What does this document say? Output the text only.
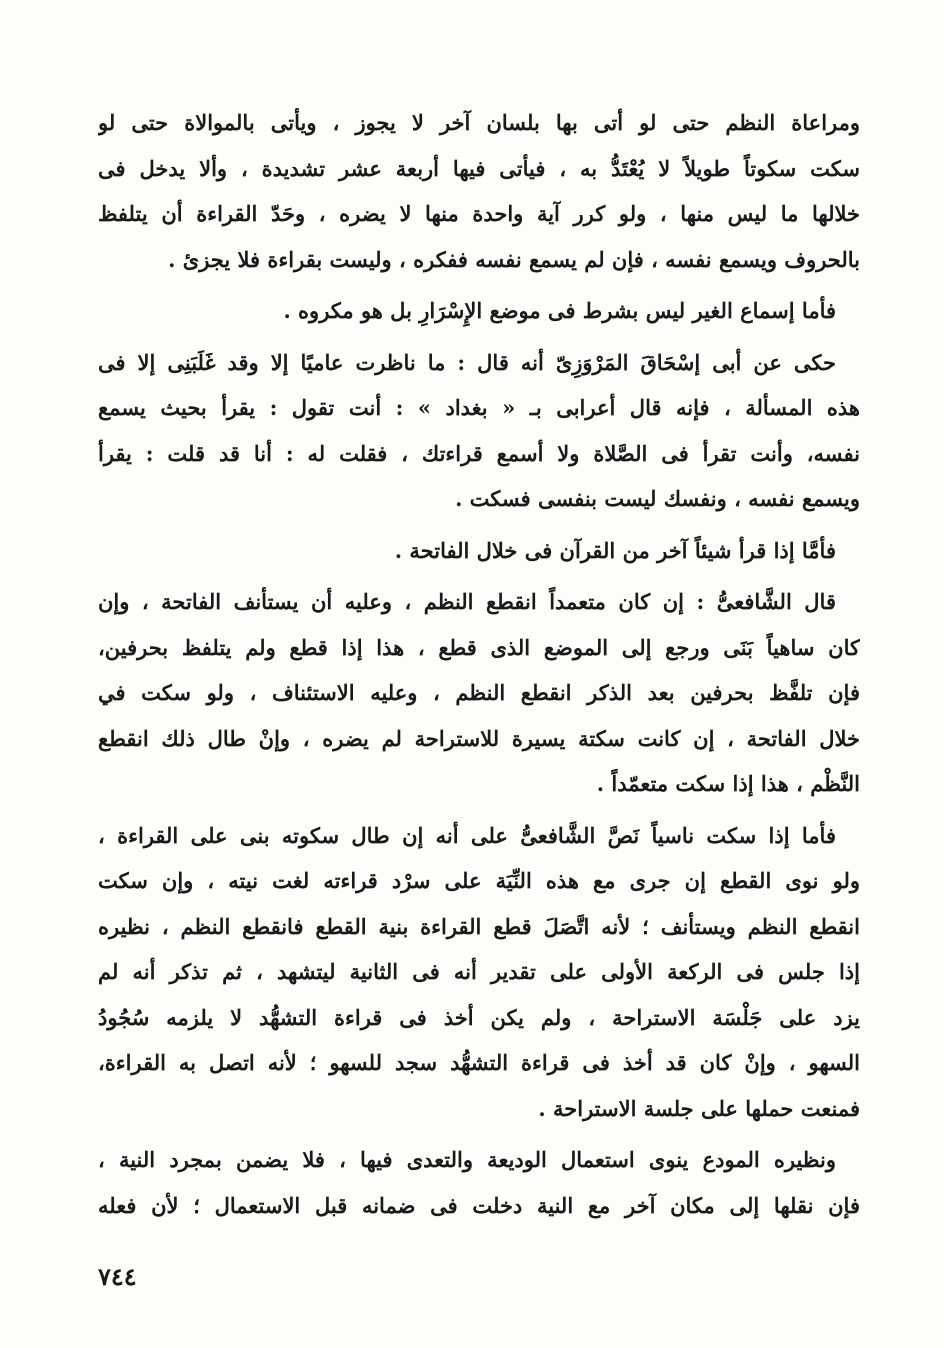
ومراعاة النظم حتى لو أتى بها بلسان آخر لا يجوز ، ويأتى بالموالاة حتى لو
سكت سكوتاً طويلاً لا يُعْتَدُّ به ، فيأتى فيها أربعة عشر تشديدة ، وألا يدخل فى
خلالها ما ليس منها ، ولو كرر آية واحدة منها لا يضره ، وحَدّ القراءة أن يتلفظ
بالحروف ويسمع نفسه ، فإن لم يسمع نفسه ففكره ، وليست بقراءة فلا يجزئ .
فأما إسماع الغير ليس بشرط فى موضع الإِسْرَارِ بل هو مكروه .
حكى عن أبى إسْحَاقَ المَرْوَزِىّ أنه قال : ما ناظرت عاميًا إلا وقد غَلَبَنِى إلا فى
هذه المسألة ، فإنه قال أعرابى بـ « بغداد » : أنت تقول : يقرأ بحيث يسمع
نفسه، وأنت تقرأ فى الصَّلاة ولا أسمع قراءتك ، فقلت له : أنا قد قلت : يقرأ
ويسمع نفسه ، ونفسك ليست بنفسى فسكت .
فأمَّا إذا قرأ شيئاً آخر من القرآن فى خلال الفاتحة .
قال الشَّافعىُّ : إن كان متعمداً انقطع النظم ، وعليه أن يستأنف الفاتحة ، وإن
كان ساهياً بَنَى ورجع إلى الموضع الذى قطع ، هذا إذا قطع ولم يتلفظ بحرفين،
فإن تلفَّظ بحرفين بعد الذكر انقطع النظم ، وعليه الاستئناف ، ولو سكت في
خلال الفاتحة ، إن كانت سكتة يسيرة للاستراحة لم يضره ، وإنْ طال ذلك انقطع
النَّظْم ، هذا إذا سكت متعمّداً .
فأما إذا سكت ناسياً نَصَّ الشَّافعىُّ على أنه إن طال سكوته بنى على القراءة ،
ولو نوى القطع إن جرى مع هذه النِّيَة على سرْد قراءته لغت نيته ، وإن سكت
انقطع النظم ويستأنف ؛ لأنه اتَّصَلَ قطع القراءة بنية القطع فانقطع النظم ، نظيره
إذا جلس فى الركعة الأولى على تقدير أنه فى الثانية ليتشهد ، ثم تذكر أنه لم
يزد على جَلْسَة الاستراحة ، ولم يكن أخذ فى قراءة التشهُّد لا يلزمه سُجُودُ
السهو ، وإنْ كان قد أخذ فى قراءة التشهُّد سجد للسهو ؛ لأنه اتصل به القراءة،
فمنعت حملها على جلسة الاستراحة .
ونظيره المودع ينوى استعمال الوديعة والتعدى فيها ، فلا يضمن بمجرد النية ،
فإن نقلها إلى مكان آخر مع النية دخلت فى ضمانه قبل الاستعمال ؛ لأن فعله
٧٤٤
